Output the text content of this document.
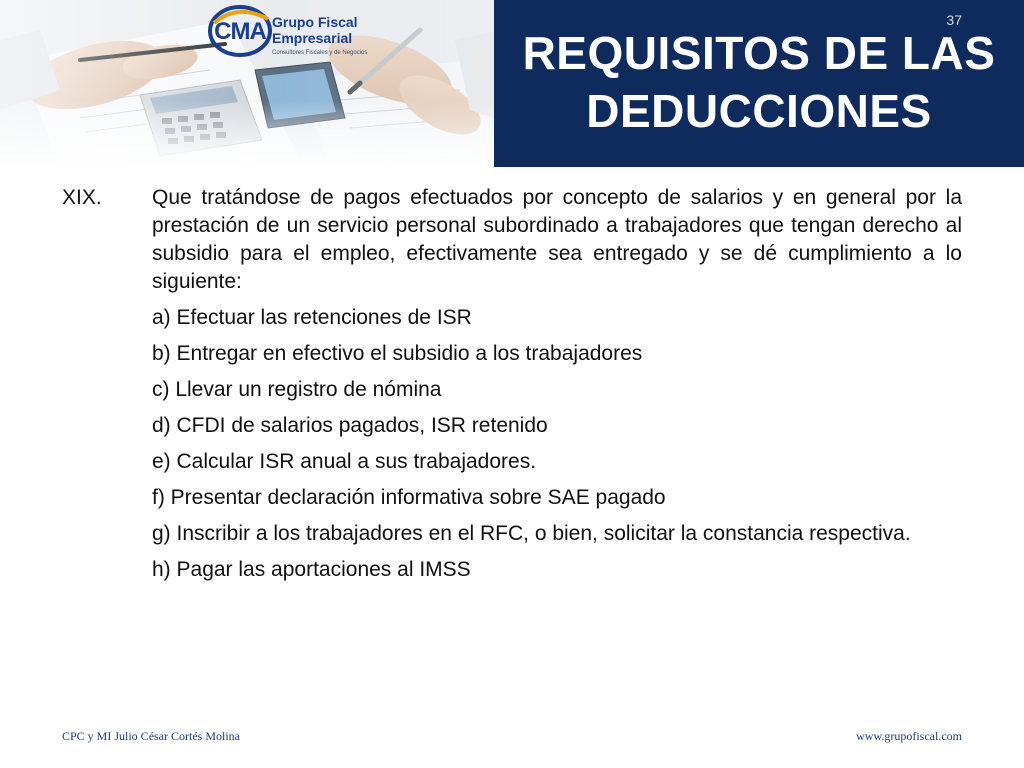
CMA Grupo Fiscal
Empresarial
Consultores Fiscales y de Negocios
37
REQUISITOS DE LAS
DEDUCCIONES
XIX.	Que tratándose de pagos efectuados por concepto de salarios y en general por la prestación de un servicio personal subordinado a trabajadores que tengan derecho al subsidio para el empleo, efectivamente sea entregado y se dé cumplimiento a lo siguiente:

a) Efectuar las retenciones de ISR
b) Entregar en efectivo el subsidio a los trabajadores
c) Llevar un registro de nómina
d) CFDI de salarios pagados, ISR retenido
e) Calcular ISR anual a sus trabajadores.
f) Presentar declaración informativa sobre SAE pagado
g) Inscribir a los trabajadores en el RFC, o bien, solicitar la constancia respectiva.
h) Pagar las aportaciones al IMSS
CPC y MI Julio César Cortés Molina	www.grupofiscal.com
